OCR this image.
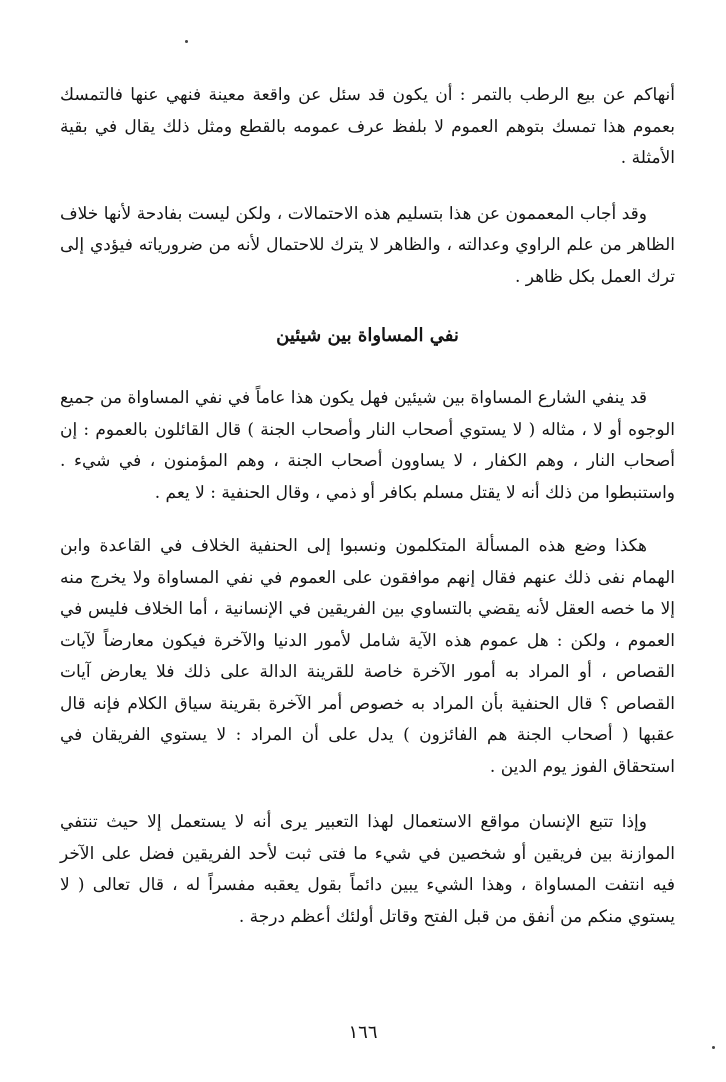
أنهاكم عن بيع الرطب بالتمر : أن يكون قد سئل عن واقعة معينة فنهي عنها فالتمسك بعموم هذا تمسك بتوهم العموم لا بلفظ عرف عمومه بالقطع ومثل ذلك يقال في بقية الأمثلة .

وقد أجاب المعممون عن هذا بتسليم هذه الاحتمالات ، ولكن ليست بفادحة لأنها خلاف الظاهر من علم الراوي وعدالته ، والظاهر لا يترك للاحتمال لأنه من ضرورياته فيؤدي إلى ترك العمل بكل ظاهر .

نفي المساواة بين شيئين

قد ينفي الشارع المساواة بين شيئين فهل يكون هذا عاماً في نفي المساواة من جميع الوجوه أو لا ، مثاله ( لا يستوي أصحاب النار وأصحاب الجنة ) قال القائلون بالعموم : إن أصحاب النار ، وهم الكفار ، لا يساوون أصحاب الجنة ، وهم المؤمنون ، في شيء . واستنبطوا من ذلك أنه لا يقتل مسلم بكافر أو ذمي ، وقال الحنفية : لا يعم .

هكذا وضع هذه المسألة المتكلمون ونسبوا إلى الحنفية الخلاف في القاعدة وابن الهمام نفى ذلك عنهم فقال إنهم موافقون على العموم في نفي المساواة ولا يخرج منه إلا ما خصه العقل لأنه يقضي بالتساوي بين الفريقين في الإنسانية ، أما الخلاف فليس في العموم ، ولكن : هل عموم هذه الآية شامل لأمور الدنيا والآخرة فيكون معارضاً لآيات القصاص ، أو المراد به أمور الآخرة خاصة للقرينة الدالة على ذلك فلا يعارض آيات القصاص ؟ قال الحنفية بأن المراد به خصوص أمر الآخرة بقرينة سياق الكلام فإنه قال عقبها ( أصحاب الجنة هم الفائزون ) يدل على أن المراد : لا يستوي الفريقان في استحقاق الفوز يوم الدين .

وإذا تتبع الإنسان مواقع الاستعمال لهذا التعبير يرى أنه لا يستعمل إلا حيث تنتفي الموازنة بين فريقين أو شخصين في شيء ما فتى ثبت لأحد الفريقين فضل على الآخر فيه انتفت المساواة ، وهذا الشيء يبين دائماً بقول يعقبه مفسراً له ، قال تعالى ( لا يستوي منكم من أنفق من قبل الفتح وقاتل أولئك أعظم درجة .

١٦٦
